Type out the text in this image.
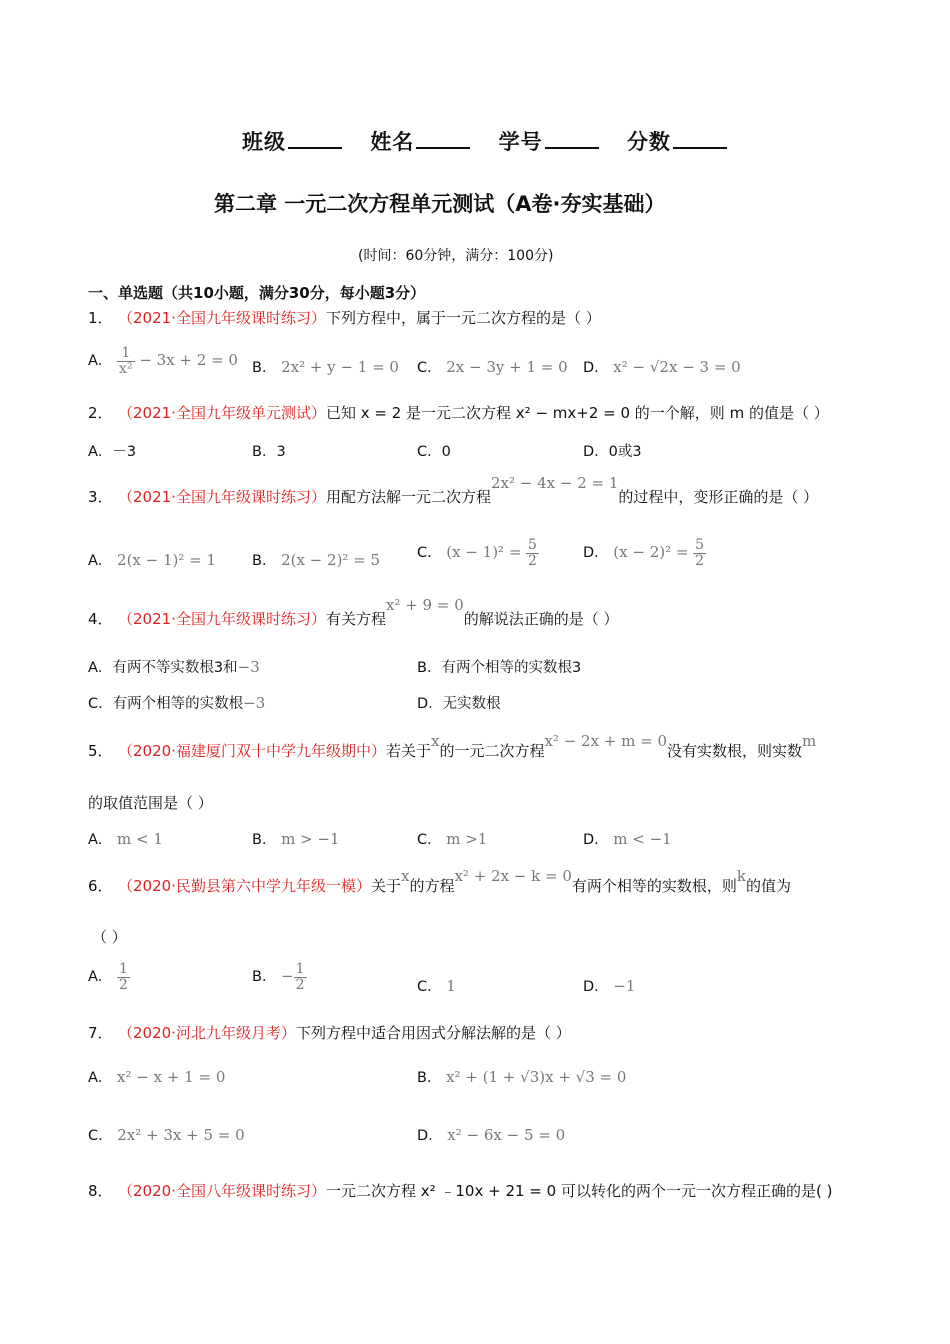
班级	姓名	学号	分数
第二章 一元二次方程单元测试（A卷·夯实基础）
(时间：60分钟，满分：100分)
一、单选题（共10小题，满分30分，每小题3分）
1． （2021·全国九年级课时练习）下列方程中，属于一元二次方程的是（ ）
A． $\frac{1}{\text{x²}} - 3x + 2 = 0$ B． 2x² + y − 1 = 0 C． 2x − 3y + 1 = 0 D． x² − √2x − 3 = 0
2． （2021·全国九年级单元测试）已知 x = 2 是一元二次方程 x² − mx+2 = 0 的一个解，则 m 的值是（ ）
A．－3	B．3	C．0	D．0或3
3． （2021·全国九年级课时练习）用配方法解一元二次方程2x² − 4x − 2 = 1的过程中，变形正确的是（ ）
A． 2(x − 1)² = 1 B． 2(x − 2)² = 5	C． $(x - 1)^2 = \frac{5}{2}$	D． $(x - 2)^2 = \frac{5}{2}$
4． （2021·全国九年级课时练习）有关方程x² + 9 = 0的解说法正确的是（ ）
A．有两不等实数根3和−3	B．有两个相等的实数根3
C．有两个相等的实数根−3	D．无实数根
5． （2020·福建厦门双十中学九年级期中）若关于x的一元二次方程x² − 2x + m = 0没有实数根，则实数m
的取值范围是（ ）
A． m < 1	B． m > −1	C． m >1	D． m < −1
6． （2020·民勤县第六中学九年级一模）关于x的方程x² + 2x − k = 0有两个相等的实数根，则k的值为
（ ）
A． $\frac{1}{2}$	B． − $\frac{1}{2}$	C． 1	D． −1
7． （2020·河北九年级月考）下列方程中适合用因式分解法解的是（ ）
A． x² − x + 1 = 0	B． x² + (1 + √3)x + √3 = 0
C． 2x² + 3x + 5 = 0	D． x² − 6x − 5 = 0
8． （2020·全国八年级课时练习）一元二次方程 x² ﹣10x + 21 = 0 可以转化的两个一元一次方程正确的是( )
